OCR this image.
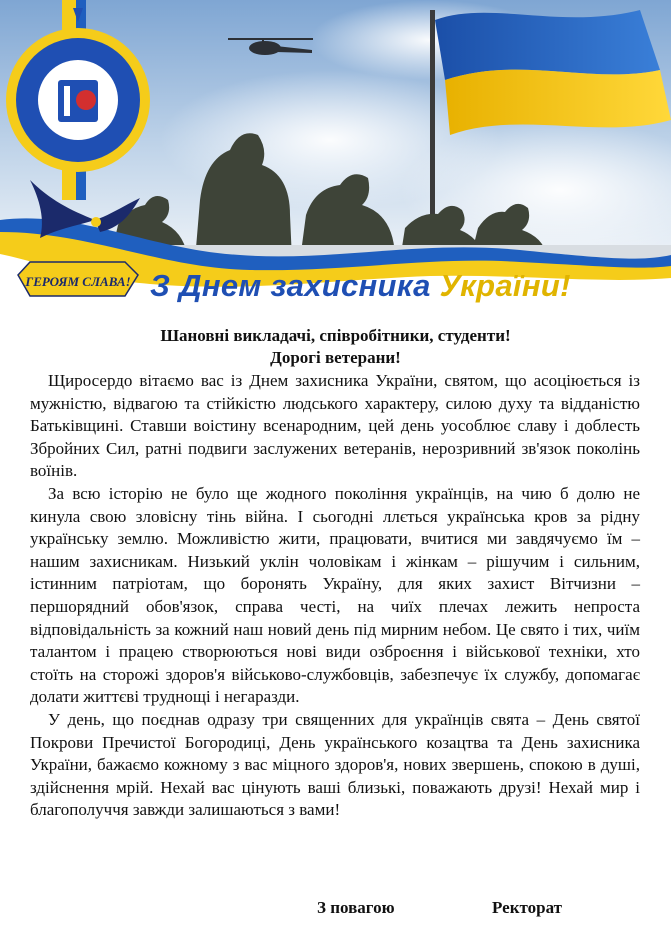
ГЕРОЯМ СЛАВА! З Днем захисника України!
Шановні викладачі, співробітники, студенти!
Дорогі ветерани!

Щиросердо вітаємо вас із Днем захисника України, святом, що асоціюється із мужністю, відвагою та стійкістю людського характеру, силою духу та відданістю Батьківщині. Ставши воістину всенародним, цей день уособлює славу і доблесть Збройних Сил, ратні подвиги заслужених ветеранів, нерозривний зв'язок поколінь воїнів.

За всю історію не було ще жодного покоління українців, на чию б долю не кинула свою зловісну тінь війна. І сьогодні ллється українська кров за рідну українську землю. Можливістю жити, працювати, вчитися ми завдячуємо їм – нашим захисникам. Низький уклін чоловікам і жінкам – рішучим і сильним, істинним патріотам, що боронять Україну, для яких захист Вітчизни – першорядний обов'язок, справа честі, на чиїх плечах лежить непроста відповідальність за кожний наш новий день під мирним небом. Це свято і тих, чиїм талантом і працею створюються нові види озброєння і військової техніки, хто стоїть на сторожі здоров'я військово-службовців, забезпечує їх службу, допомагає долати життєві труднощі і негаразди.

У день, що поєднав одразу три священних для українців свята – День святої Покрови Пречистої Богородиці, День українського козацтва та День захисника України, бажаємо кожному з вас міцного здоров'я, нових звершень, спокою в душі, здійснення мрій. Нехай вас цінують ваші близькі, поважають друзі! Нехай мир і благополуччя завжди залишаються з вами!

З повагою	Ректорат
